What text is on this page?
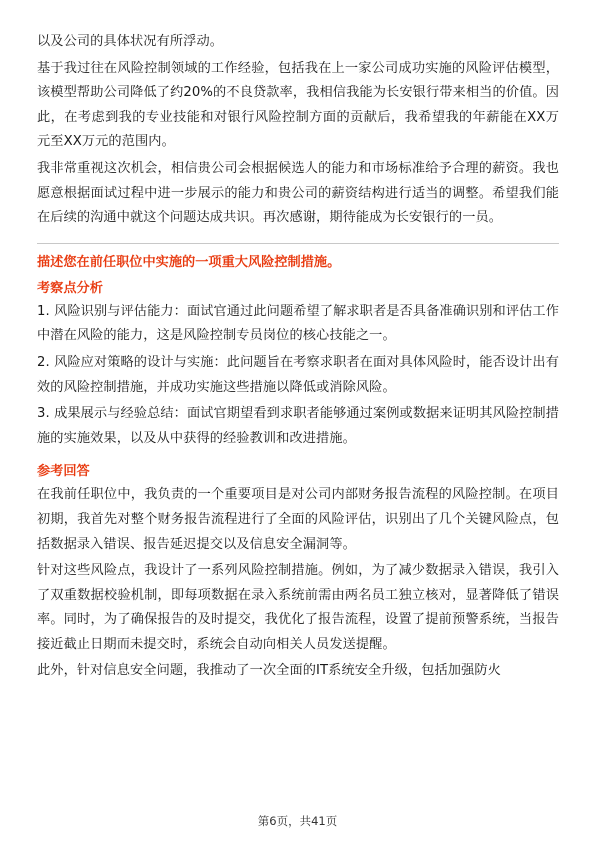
以及公司的具体状况有所浮动。

基于我过往在风险控制领域的工作经验，包括我在上一家公司成功实施的风险评估模型，该模型帮助公司降低了约20%的不良贷款率，我相信我能为长安银行带来相当的价值。因此，在考虑到我的专业技能和对银行风险控制方面的贡献后，我希望我的年薪能在XX万元至XX万元的范围内。

我非常重视这次机会，相信贵公司会根据候选人的能力和市场标准给予合理的薪资。我也愿意根据面试过程中进一步展示的能力和贵公司的薪资结构进行适当的调整。希望我们能在后续的沟通中就这个问题达成共识。再次感谢，期待能成为长安银行的一员。

描述您在前任职位中实施的一项重大风险控制措施。
考察点分析

1. 风险识别与评估能力：面试官通过此问题希望了解求职者是否具备准确识别和评估工作中潜在风险的能力，这是风险控制专员岗位的核心技能之一。

2. 风险应对策略的设计与实施：此问题旨在考察求职者在面对具体风险时，能否设计出有效的风险控制措施，并成功实施这些措施以降低或消除风险。

3. 成果展示与经验总结：面试官期望看到求职者能够通过案例或数据来证明其风险控制措施的实施效果，以及从中获得的经验教训和改进措施。

参考回答

在我前任职位中，我负责的一个重要项目是对公司内部财务报告流程的风险控制。在项目初期，我首先对整个财务报告流程进行了全面的风险评估，识别出了几个关键风险点，包括数据录入错误、报告延迟提交以及信息安全漏洞等。

针对这些风险点，我设计了一系列风险控制措施。例如，为了减少数据录入错误，我引入了双重数据校验机制，即每项数据在录入系统前需由两名员工独立核对，显著降低了错误率。同时，为了确保报告的及时提交，我优化了报告流程，设置了提前预警系统，当报告接近截止日期而未提交时，系统会自动向相关人员发送提醒。

此外，针对信息安全问题，我推动了一次全面的IT系统安全升级，包括加强防火

第6页，共41页
